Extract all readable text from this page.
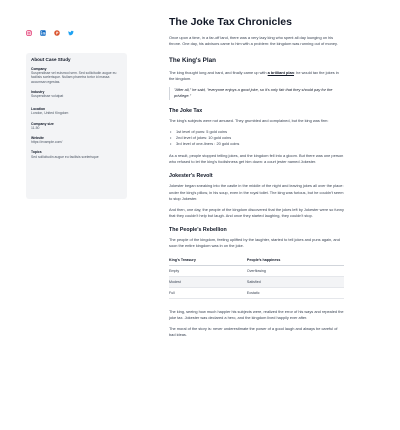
About Case Study
Company
Suspendisse vel euismod sem. Sed sollicitudin augue eu facilisis scelerisque. Nullam pharetra tortor id massa accumsan egestas.
Industry
Suspendisse volutpat
Location
London, United Kingdom
Company size
11-50
Website
https://example.com/
Topics
Sed sollicitudin augue eu facilisis scelerisque
The Joke Tax Chronicles

Once upon a time, in a far-off land, there was a very lazy king who spent all day lounging on his throne. One day, his advisors came to him with a problem: the kingdom was running out of money.

The King's Plan

The king thought long and hard, and finally came up with a brilliant plan: he would tax the jokes in the kingdom.

"After all," he said, "everyone enjoys a good joke, so it's only fair that they should pay for the privilege."
The Joke Tax

The king's subjects were not amused. They grumbled and complained, but the king was firm:

• 1st level of puns: 5 gold coins
• 2nd level of jokes: 10 gold coins
• 3rd level of one-liners : 20 gold coins

As a result, people stopped telling jokes, and the kingdom fell into a gloom. But there was one person who refused to let the king's foolishness get him down: a court jester named Jokester.

Jokester's Revolt

Jokester began sneaking into the castle in the middle of the night and leaving jokes all over the place: under the king's pillow, in his soup, even in the royal toilet. The king was furious, but he couldn't seem to stop Jokester.

And then, one day, the people of the kingdom discovered that the jokes left by Jokester were so funny that they couldn't help but laugh. And once they started laughing, they couldn't stop.

The People's Rebellion

The people of the kingdom, feeling uplifted by the laughter, started to tell jokes and puns again, and soon the entire kingdom was in on the joke.

King's Treasury	People's happiness
Empty	Overflowing
Modest	Satisfied
Full	Ecstatic

The king, seeing how much happier his subjects were, realized the error of his ways and repealed the joke tax. Jokester was declared a hero, and the kingdom lived happily ever after.

The moral of the story is: never underestimate the power of a good laugh and always be careful of bad ideas.
